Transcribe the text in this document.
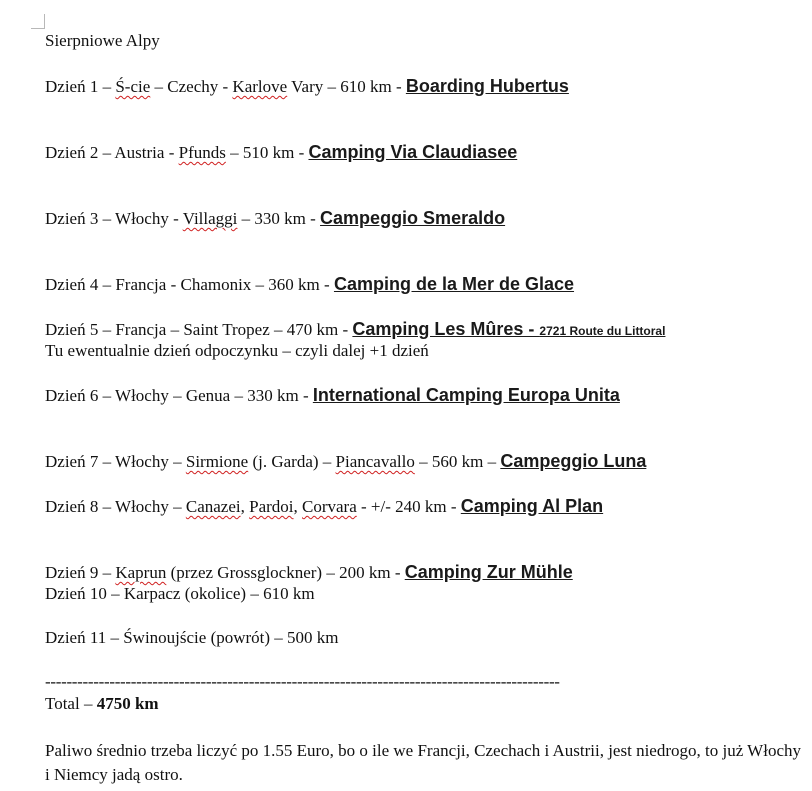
Sierpniowe Alpy
Dzień 1 – Ś-cie – Czechy - Karlove Vary – 610 km - Boarding Hubertus
Dzień 2 – Austria - Pfunds – 510 km - Camping Via Claudiasee
Dzień 3 – Włochy - Villaggi – 330 km - Campeggio Smeraldo
Dzień 4 – Francja - Chamonix – 360 km - Camping de la Mer de Glace
Dzień 5 – Francja – Saint Tropez – 470 km - Camping Les Mûres - 2721 Route du Littoral
Tu ewentualnie dzień odpoczynku – czyli dalej +1 dzień
Dzień 6 – Włochy – Genua – 330 km - International Camping Europa Unita
Dzień 7 – Włochy – Sirmione (j. Garda) – Piancavallo – 560 km – Campeggio Luna
Dzień 8 – Włochy – Canazei, Pardoi, Corvara - +/- 240 km - Camping Al Plan
Dzień 9 – Kaprun (przez Grossglockner) – 200 km - Camping Zur Mühle
Dzień 10 – Karpacz (okolice) – 610 km
Dzień 11 – Świnoujście (powrót) – 500 km
------------------------------------------------------------------------------------------------
Total – 4750 km
Paliwo średnio trzeba liczyć po 1.55 Euro, bo o ile we Francji, Czechach i Austrii, jest niedrogo, to już Włochy i Niemcy jadą ostro.
